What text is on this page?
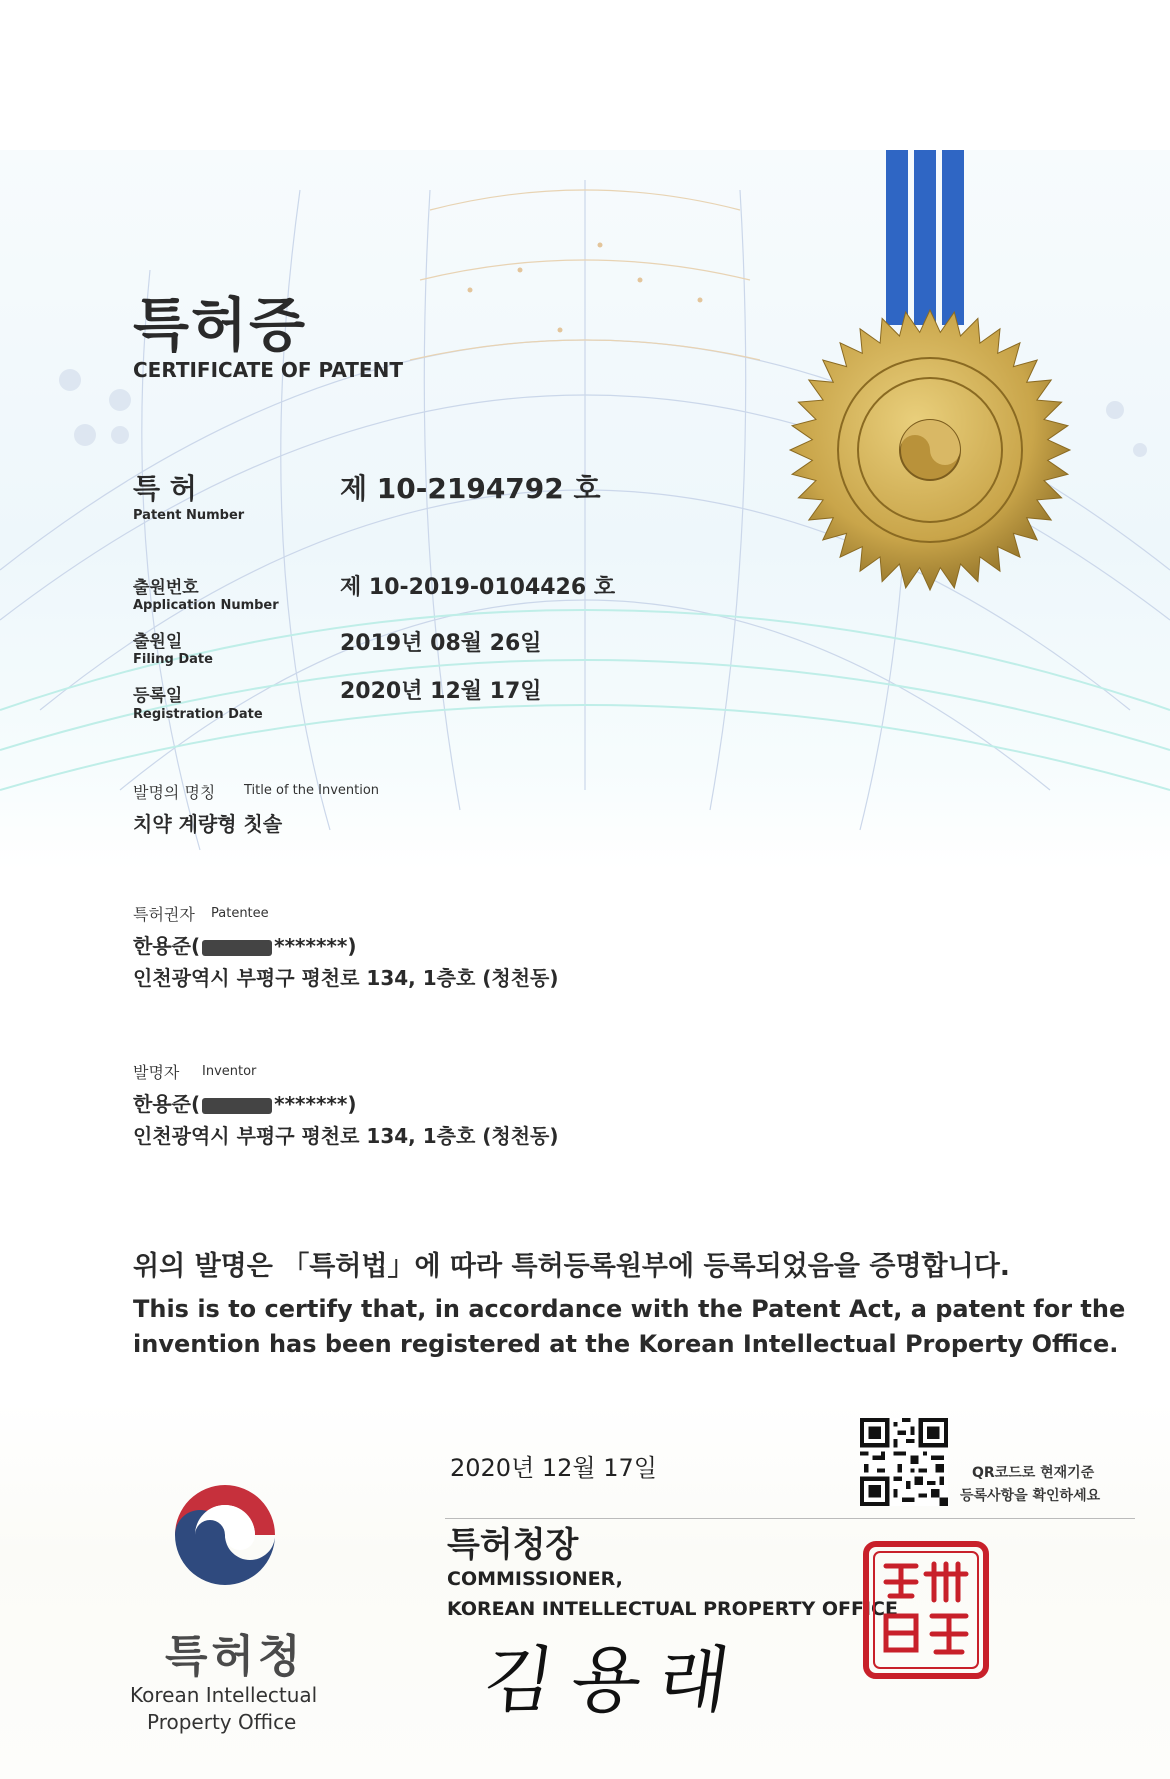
특허증
CERTIFICATE OF PATENT
특 허
Patent Number
제 10-2194792 호
출원번호
Application Number
제 10-2019-0104426 호
출원일
Filing Date
2019년 08월 26일
등록일
Registration Date
2020년 12월 17일
발명의 명칭 Title of the Invention
치약 계량형 칫솔
특허권자 Patentee
한용준(	*******)
인천광역시 부평구 평천로 134, 1층호 (청천동)
발명자 Inventor
한용준(	*******)
인천광역시 부평구 평천로 134, 1층호 (청천동)
위의 발명은 「특허법」에 따라 특허등록원부에 등록되었음을 증명합니다.
This is to certify that, in accordance with the Patent Act, a patent for the
invention has been registered at the Korean Intellectual Property Office.
특허청
Korean Intellectual
Property Office
2020년 12월 17일
특허청장
COMMISSIONER,
KOREAN INTELLECTUAL PROPERTY OFFICE
김용래
QR코드로 현재기준
등록사항을 확인하세요
